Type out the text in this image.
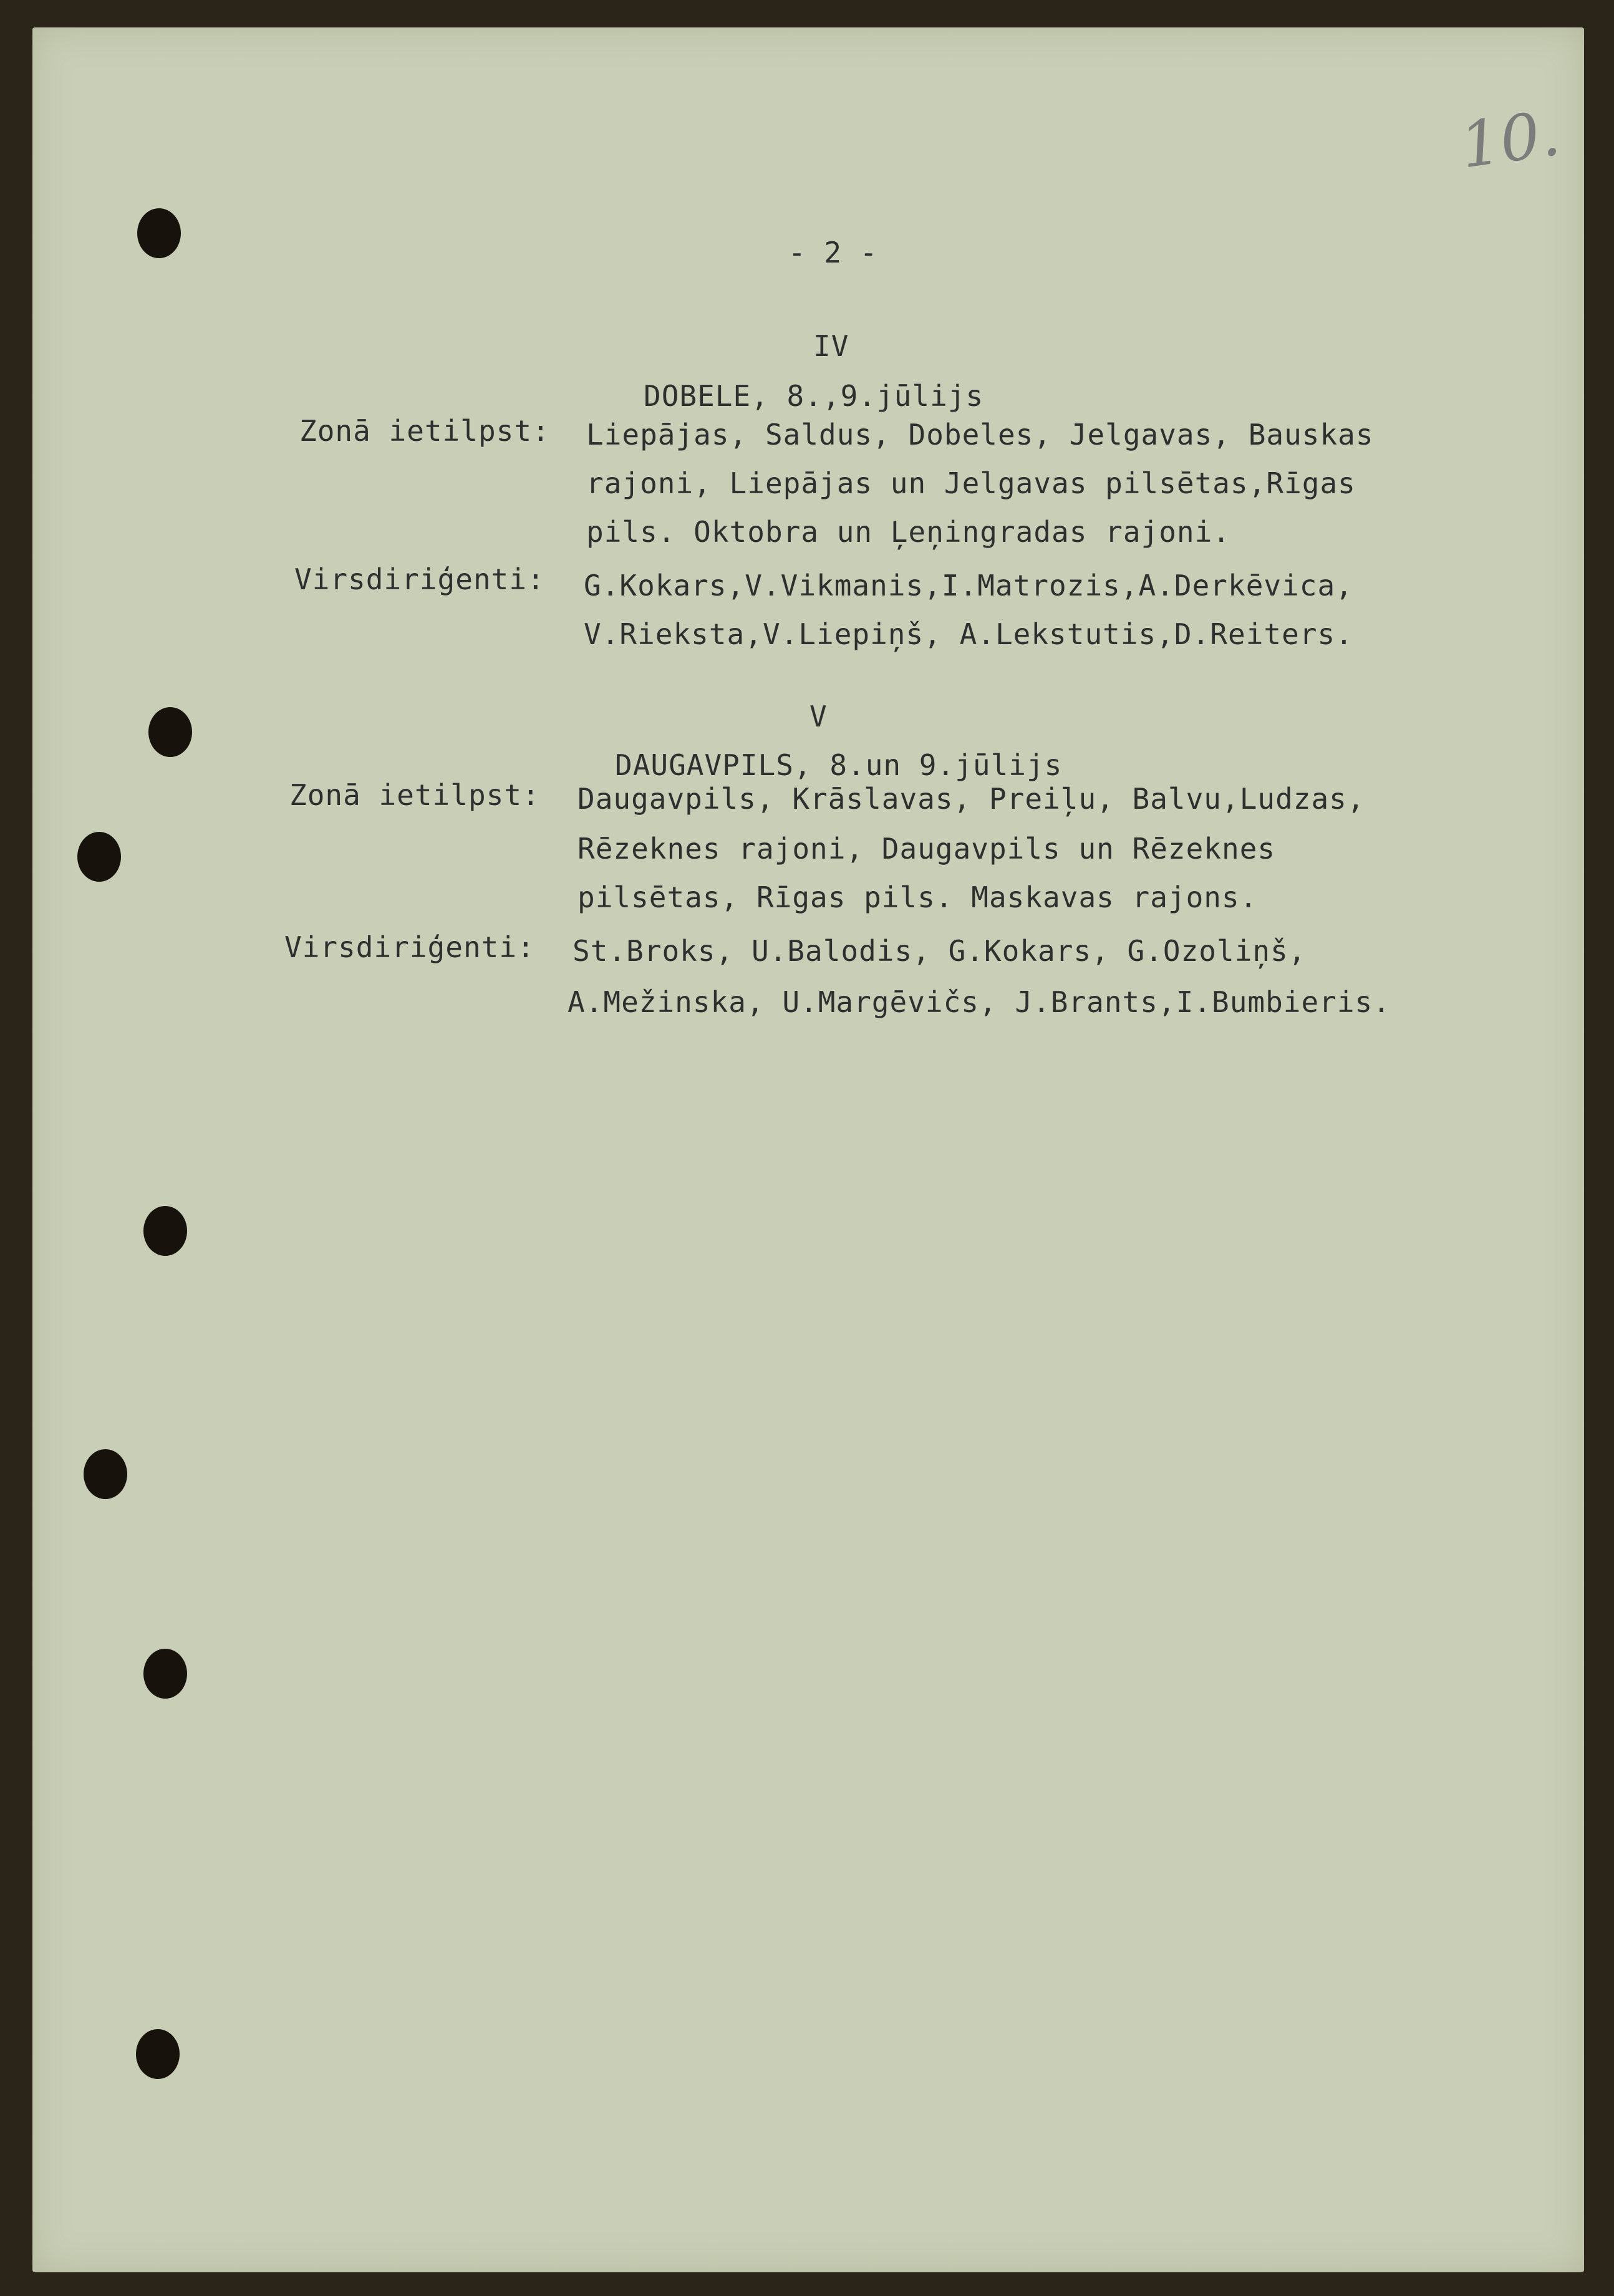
10.
- 2 -
IV
DOBELE, 8.,9.jūlijs
Zonā ietilpst: Liepājas, Saldus, Dobeles, Jelgavas, Bauskas
rajoni, Liepājas un Jelgavas pilsētas,Rīgas
pils. Oktobra un Ļeņingradas rajoni.
Virsdiriģenti: G.Kokars,V.Vikmanis,I.Matrozis,A.Derkēvica,
V.Rieksta,V.Liepiņš, A.Lekstutis,D.Reiters.
V
DAUGAVPILS, 8.un 9.jūlijs
Zonā ietilpst: Daugavpils, Krāslavas, Preiļu, Balvu,Ludzas,
Rēzeknes rajoni, Daugavpils un Rēzeknes
pilsētas, Rīgas pils. Maskavas rajons.
Virsdiriģenti: St.Broks, U.Balodis, G.Kokars, G.Ozoliņš,
A.Mežinska, U.Margēvičs, J.Brants,I.Bumbieris.
